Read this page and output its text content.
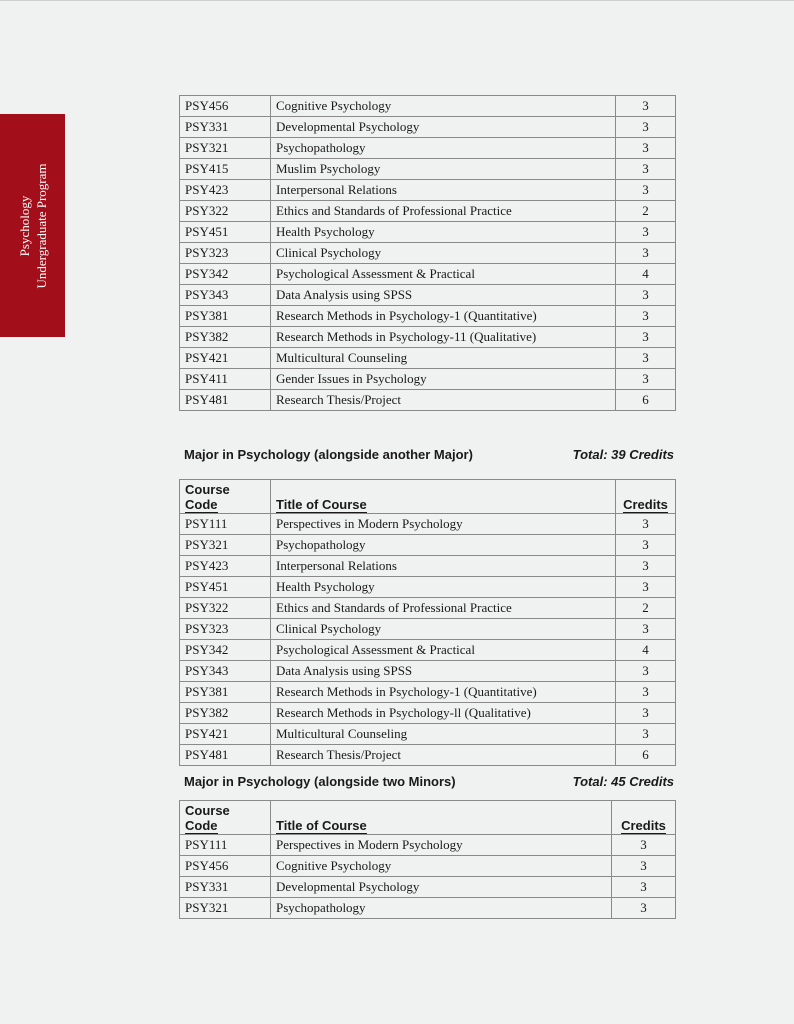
Psychology Undergraduate Program
PSY456	Cognitive Psychology	3
PSY331	Developmental Psychology	3
PSY321	Psychopathology	3
PSY415	Muslim Psychology	3
PSY423	Interpersonal Relations	3
PSY322	Ethics and Standards of Professional Practice	2
PSY451	Health Psychology	3
PSY323	Clinical Psychology	3
PSY342	Psychological Assessment & Practical	4
PSY343	Data Analysis using SPSS	3
PSY381	Research Methods in Psychology-1 (Quantitative)	3
PSY382	Research Methods in Psychology-11 (Qualitative)	3
PSY421	Multicultural Counseling	3
PSY411	Gender Issues in Psychology	3
PSY481	Research Thesis/Project	6
Major in Psychology (alongside another Major)	Total: 39 Credits
Course
Code	Title of Course	Credits
PSY111	Perspectives in Modern Psychology	3
PSY321	Psychopathology	3
PSY423	Interpersonal Relations	3
PSY451	Health Psychology	3
PSY322	Ethics and Standards of Professional Practice	2
PSY323	Clinical Psychology	3
PSY342	Psychological Assessment & Practical	4
PSY343	Data Analysis using SPSS	3
PSY381	Research Methods in Psychology-1 (Quantitative)	3
PSY382	Research Methods in Psychology-ll (Qualitative)	3
PSY421	Multicultural Counseling	3
PSY481	Research Thesis/Project	6
Major in Psychology (alongside two Minors)	Total: 45 Credits
Course
Code	Title of Course	Credits
PSY111	Perspectives in Modern Psychology	3
PSY456	Cognitive Psychology	3
PSY331	Developmental Psychology	3
PSY321	Psychopathology	3
